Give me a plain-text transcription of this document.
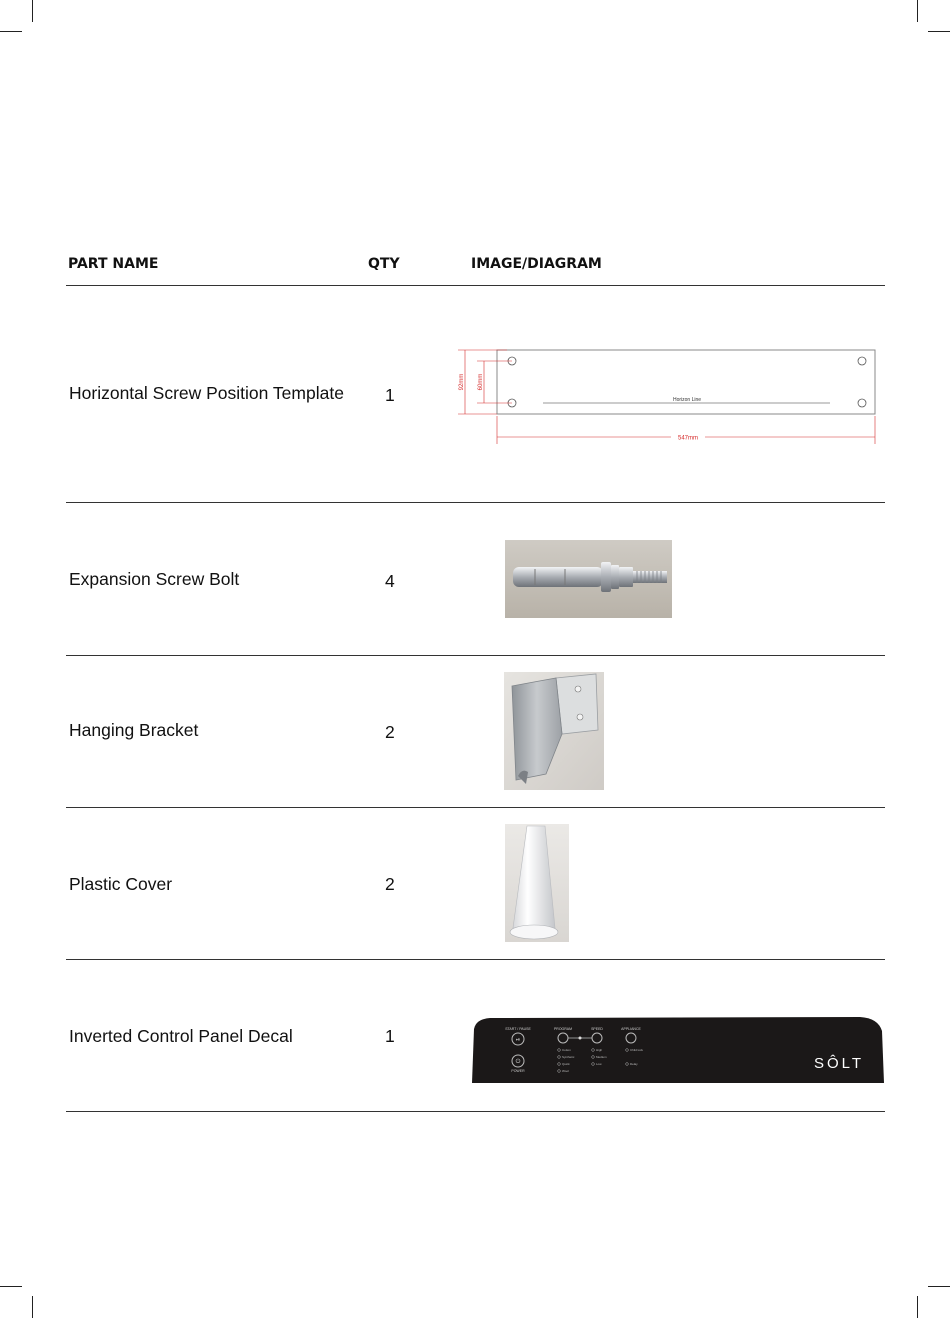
PART NAME	QTY	IMAGE/DIAGRAM
Horizontal Screw Position Template 1	Horizon Line
92mm 60mm
547mm
Expansion Screw Bolt	4
Hanging Bracket	2
Plastic Cover	2
Inverted Control Panel Decal	1	START / PAUSE	PROGRAM	SPEED	APPLIANCE
⏯
⏻
POWER
Cotton
Synthetic
Quick
Wool
High
Medium
Low
Child lock
Delay	SÔLT
